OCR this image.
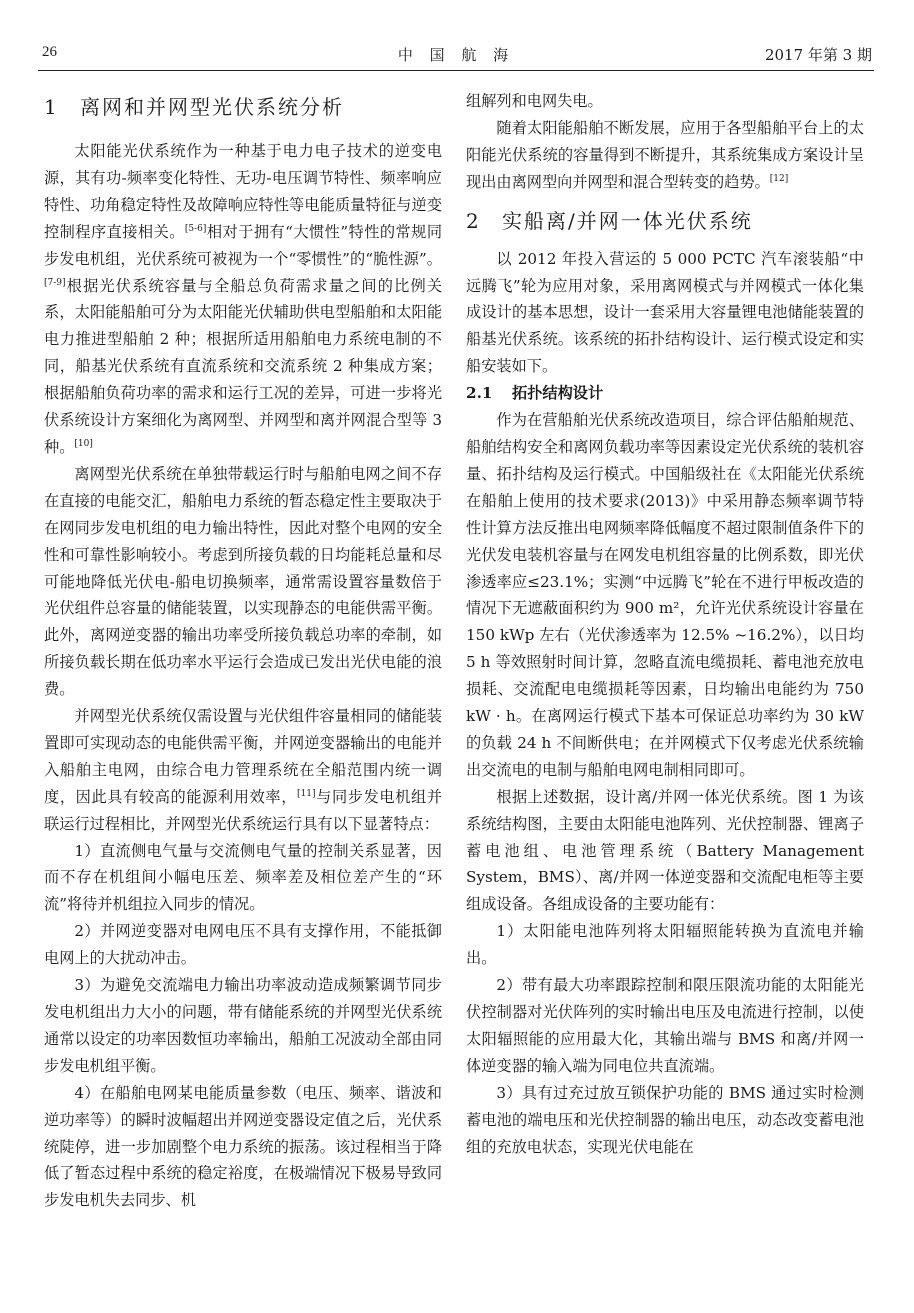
26	中 国 航 海	2017 年第 3 期
1 离网和并网型光伏系统分析

太阳能光伏系统作为一种基于电力电子技术的逆变电源，其有功-频率变化特性、无功-电压调节特性、频率响应特性、功角稳定特性及故障响应特性等电能质量特征与逆变控制程序直接相关。[5-6]相对于拥有“大惯性”特性的常规同步发电机组，光伏系统可被视为一个“零惯性”的“脆性源”。[7-9]根据光伏系统容量与全船总负荷需求量之间的比例关系，太阳能船舶可分为太阳能光伏辅助供电型船舶和太阳能电力推进型船舶 2 种；根据所适用船舶电力系统电制的不同，船基光伏系统有直流系统和交流系统 2 种集成方案；根据船舶负荷功率的需求和运行工况的差异，可进一步将光伏系统设计方案细化为离网型、并网型和离并网混合型等 3 种。[10]

离网型光伏系统在单独带载运行时与船舶电网之间不存在直接的电能交汇，船舶电力系统的暂态稳定性主要取决于在网同步发电机组的电力输出特性，因此对整个电网的安全性和可靠性影响较小。考虑到所接负载的日均能耗总量和尽可能地降低光伏电-船电切换频率，通常需设置容量数倍于光伏组件总容量的储能装置，以实现静态的电能供需平衡。此外，离网逆变器的输出功率受所接负载总功率的牵制，如所接负载长期在低功率水平运行会造成已发出光伏电能的浪费。

并网型光伏系统仅需设置与光伏组件容量相同的储能装置即可实现动态的电能供需平衡，并网逆变器输出的电能并入船舶主电网，由综合电力管理系统在全船范围内统一调度，因此具有较高的能源利用效率，[11]与同步发电机组并联运行过程相比，并网型光伏系统运行具有以下显著特点：

1）直流侧电气量与交流侧电气量的控制关系显著，因而不存在机组间小幅电压差、频率差及相位差产生的“环流”将待并机组拉入同步的情况。

2）并网逆变器对电网电压不具有支撑作用，不能抵御电网上的大扰动冲击。

3）为避免交流端电力输出功率波动造成频繁调节同步发电机组出力大小的问题，带有储能系统的并网型光伏系统通常以设定的功率因数恒功率输出，船舶工况波动全部由同步发电机组平衡。

4）在船舶电网某电能质量参数（电压、频率、谐波和逆功率等）的瞬时波幅超出并网逆变器设定值之后，光伏系统陡停，进一步加剧整个电力系统的振荡。该过程相当于降低了暂态过程中系统的稳定裕度，在极端情况下极易导致同步发电机失去同步、机

组解列和电网失电。

随着太阳能船舶不断发展，应用于各型船舶平台上的太阳能光伏系统的容量得到不断提升，其系统集成方案设计呈现出由离网型向并网型和混合型转变的趋势。[12]

2 实船离/并网一体光伏系统

以 2012 年投入营运的 5 000 PCTC 汽车滚装船“中远腾飞”轮为应用对象，采用离网模式与并网模式一体化集成设计的基本思想，设计一套采用大容量锂电池储能装置的船基光伏系统。该系统的拓扑结构设计、运行模式设定和实船安装如下。

2.1 拓扑结构设计

作为在营船舶光伏系统改造项目，综合评估船舶规范、船舶结构安全和离网负载功率等因素设定光伏系统的装机容量、拓扑结构及运行模式。中国船级社在《太阳能光伏系统在船舶上使用的技术要求(2013)》中采用静态频率调节特性计算方法反推出电网频率降低幅度不超过限制值条件下的光伏发电装机容量与在网发电机组容量的比例系数，即光伏渗透率应≤23.1%；实测“中远腾飞”轮在不进行甲板改造的情况下无遮蔽面积约为 900 m²，允许光伏系统设计容量在 150 kWp 左右（光伏渗透率为 12.5% ~16.2%），以日均 5 h 等效照射时间计算，忽略直流电缆损耗、蓄电池充放电损耗、交流配电电缆损耗等因素，日均输出电能约为 750 kW · h。在离网运行模式下基本可保证总功率约为 30 kW 的负载 24 h 不间断供电；在并网模式下仅考虑光伏系统输出交流电的电制与船舶电网电制相同即可。

根据上述数据，设计离/并网一体光伏系统。图 1 为该系统结构图，主要由太阳能电池阵列、光伏控制器、锂离子蓄电池组、电池管理系统（Battery Management System，BMS）、离/并网一体逆变器和交流配电柜等主要组成设备。各组成设备的主要功能有：

1）太阳能电池阵列将太阳辐照能转换为直流电并输出。

2）带有最大功率跟踪控制和限压限流功能的太阳能光伏控制器对光伏阵列的实时输出电压及电流进行控制，以使太阳辐照能的应用最大化，其输出端与 BMS 和离/并网一体逆变器的输入端为同电位共直流端。

3）具有过充过放互锁保护功能的 BMS 通过实时检测蓄电池的端电压和光伏控制器的输出电压，动态改变蓄电池组的充放电状态，实现光伏电能在
